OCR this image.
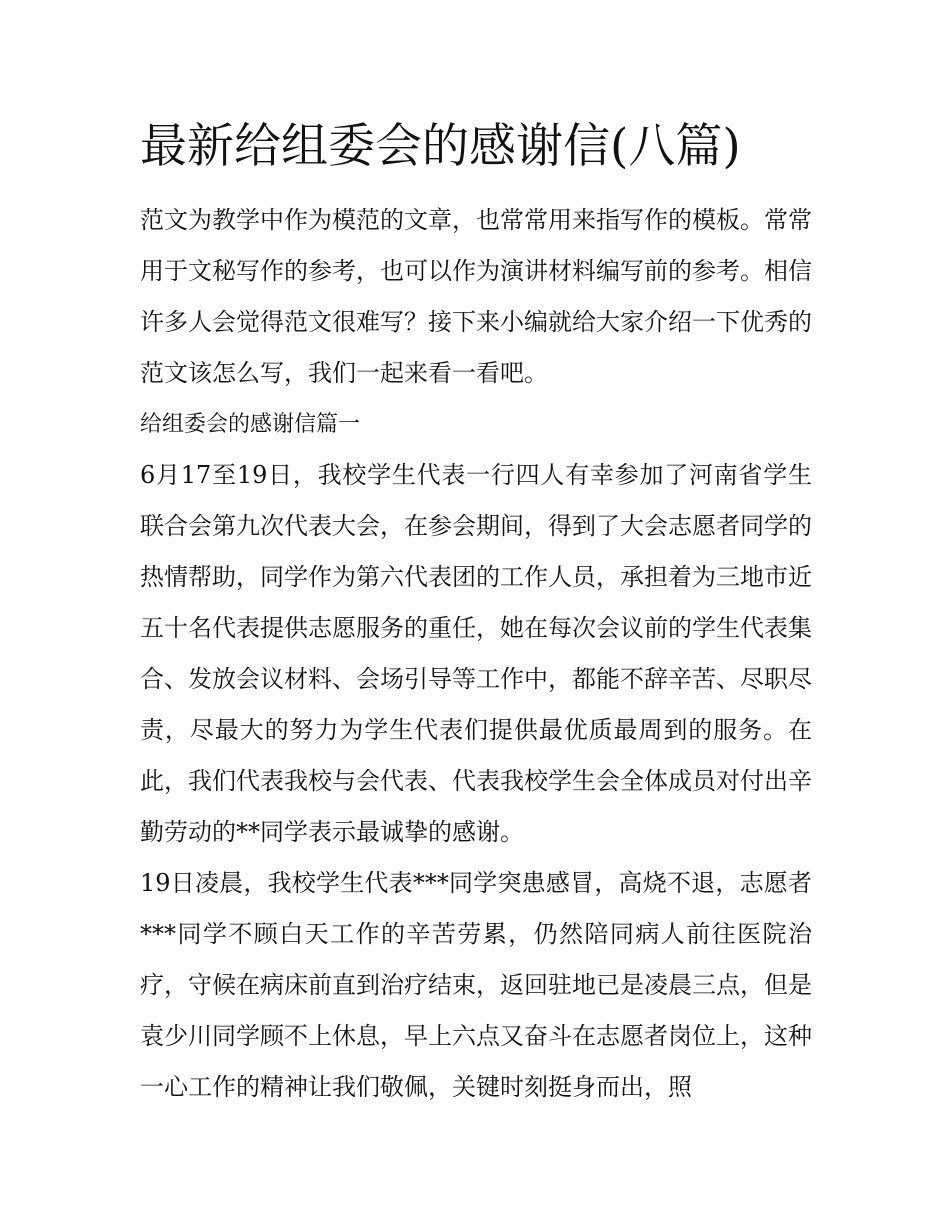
最新给组委会的感谢信(八篇)

范文为教学中作为模范的文章，也常常用来指写作的模板。常常用于文秘写作的参考，也可以作为演讲材料编写前的参考。相信许多人会觉得范文很难写？接下来小编就给大家介绍一下优秀的范文该怎么写，我们一起来看一看吧。

给组委会的感谢信篇一

6月17至19日，我校学生代表一行四人有幸参加了河南省学生联合会第九次代表大会，在参会期间，得到了大会志愿者同学的热情帮助，同学作为第六代表团的工作人员，承担着为三地市近五十名代表提供志愿服务的重任，她在每次会议前的学生代表集合、发放会议材料、会场引导等工作中，都能不辞辛苦、尽职尽责，尽最大的努力为学生代表们提供最优质最周到的服务。在此，我们代表我校与会代表、代表我校学生会全体成员对付出辛勤劳动的**同学表示最诚挚的感谢。

19日凌晨，我校学生代表***同学突患感冒，高烧不退，志愿者***同学不顾白天工作的辛苦劳累，仍然陪同病人前往医院治疗，守候在病床前直到治疗结束，返回驻地已是凌晨三点，但是袁少川同学顾不上休息，早上六点又奋斗在志愿者岗位上，这种一心工作的精神让我们敬佩，关键时刻挺身而出，照
